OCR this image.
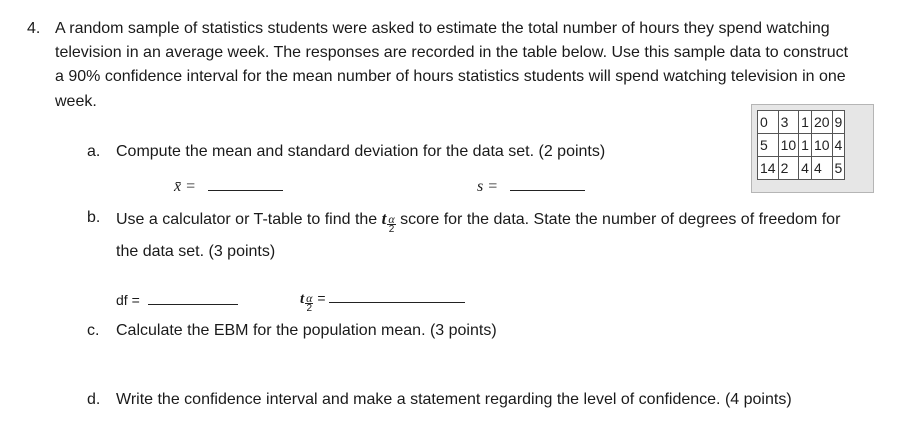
4. A random sample of statistics students were asked to estimate the total number of hours they spend watching
television in an average week. The responses are recorded in the table below. Use this sample data to construct
a 90% confidence interval for the mean number of hours statistics students will spend watching television in one
week.
0	3	1	20	9
5	10	1	10	4
14	2	4	4	5
a. Compute the mean and standard deviation for the data set. (2 points)
x̄ =	s =
b. Use a calculator or T-table to find the t $\frac{\alpha}{2}$ score for the data. State the number of degrees of freedom for
the data set. (3 points)
df =	t $\frac{\alpha}{2}$ =
c. Calculate the EBM for the population mean. (3 points)
d. Write the confidence interval and make a statement regarding the level of confidence. (4 points)
